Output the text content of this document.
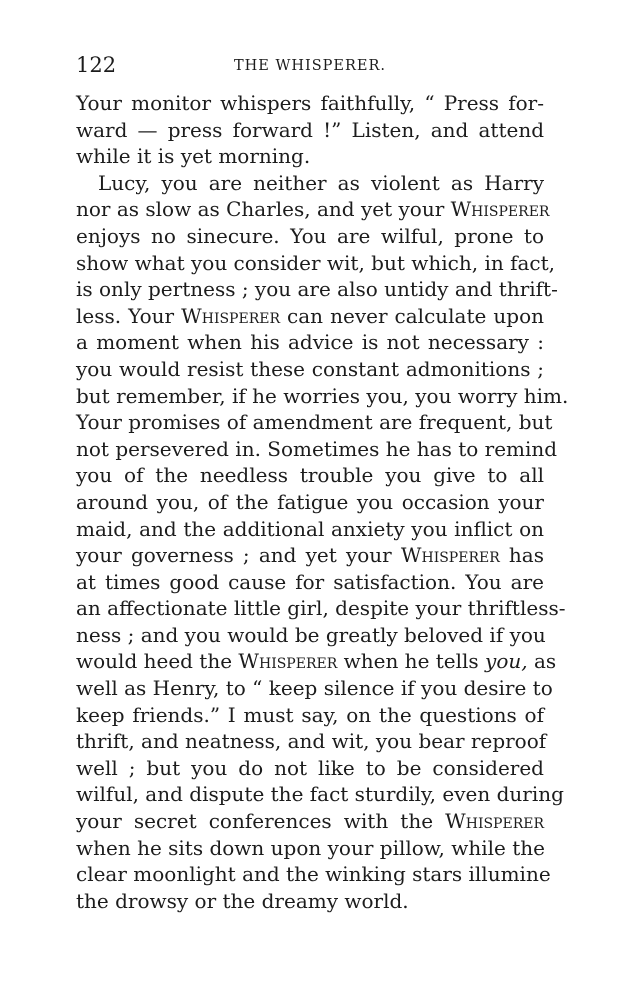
122	THE WHISPERER.
Your monitor whispers faithfully, “ Press for-
ward — press forward !” Listen, and attend
while it is yet morning.
Lucy, you are neither as violent as Harry
nor as slow as Charles, and yet your Whisperer
enjoys no sinecure. You are wilful, prone to
show what you consider wit, but which, in fact,
is only pertness ; you are also untidy and thrift-
less. Your Whisperer can never calculate upon
a moment when his advice is not necessary :
you would resist these constant admonitions ;
but remember, if he worries you, you worry him.
Your promises of amendment are frequent, but
not persevered in. Sometimes he has to remind
you of the needless trouble you give to all
around you, of the fatigue you occasion your
maid, and the additional anxiety you inflict on
your governess ; and yet your Whisperer has
at times good cause for satisfaction. You are
an affectionate little girl, despite your thriftless-
ness ; and you would be greatly beloved if you
would heed the Whisperer when he tells you, as
well as Henry, to “ keep silence if you desire to
keep friends.” I must say, on the questions of
thrift, and neatness, and wit, you bear reproof
well ; but you do not like to be considered
wilful, and dispute the fact sturdily, even during
your secret conferences with the Whisperer
when he sits down upon your pillow, while the
clear moonlight and the winking stars illumine
the drowsy or the dreamy world.
